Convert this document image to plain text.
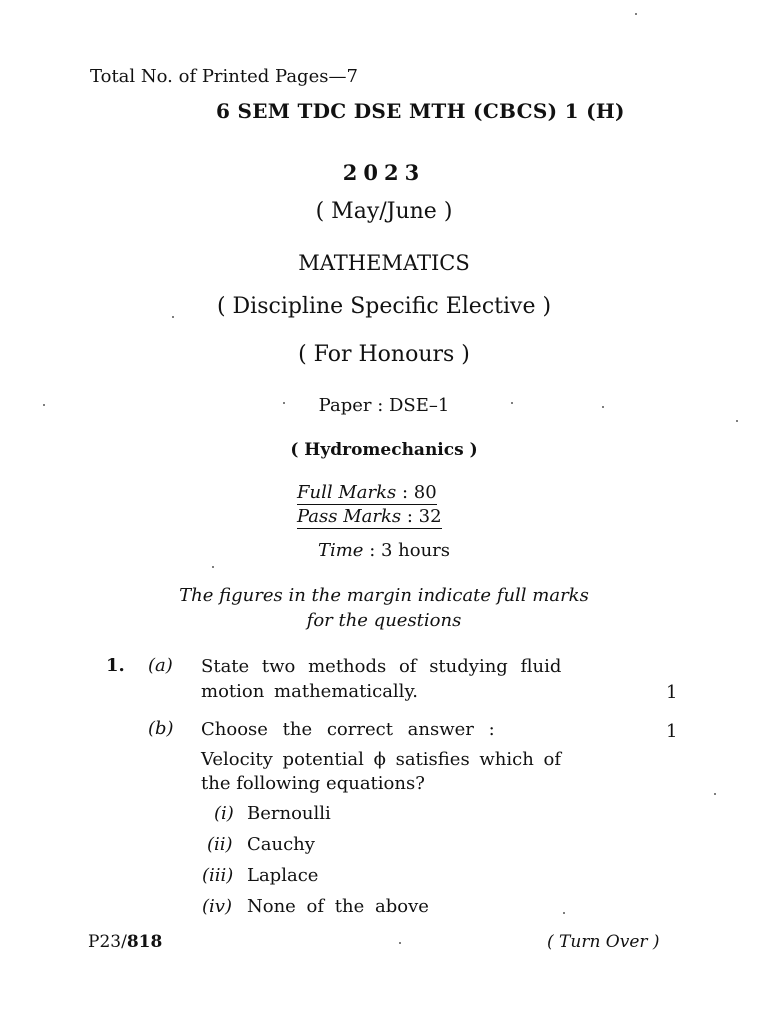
Total No. of Printed Pages—7
6 SEM TDC DSE MTH (CBCS) 1 (H)
2023
( May/June )
MATHEMATICS
( Discipline Specific Elective )
( For Honours )
Paper : DSE–1
( Hydromechanics )
Full Marks : 80
Pass Marks : 32
Time : 3 hours
The figures in the margin indicate full marks
for the questions
1. (a) State two methods of studying fluid
motion mathematically.	1
(b) Choose the correct answer :	1
Velocity potential ϕ satisfies which of
the following equations?
(i) Bernoulli
(ii) Cauchy
(iii) Laplace
(iv) None of the above
P23/818	( Turn Over )
